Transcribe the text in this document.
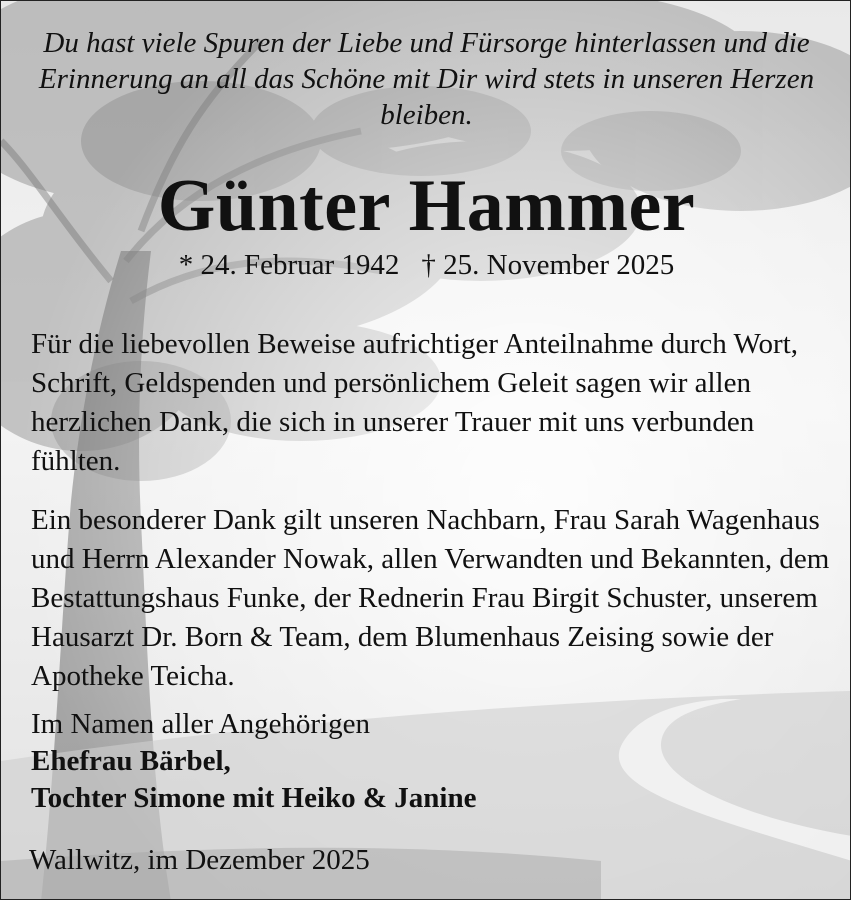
Du hast viele Spuren der Liebe und Fürsorge hinterlassen und die Erinnerung an all das Schöne mit Dir wird stets in unseren Herzen bleiben.

Günter Hammer

* 24. Februar 1942 † 25. November 2025

Für die liebevollen Beweise aufrichtiger Anteilnahme durch Wort, Schrift, Geldspenden und persönlichem Geleit sagen wir allen herzlichen Dank, die sich in unserer Trauer mit uns verbunden fühlten.

Ein besonderer Dank gilt unseren Nachbarn, Frau Sarah Wagenhaus und Herrn Alexander Nowak, allen Verwandten und Bekannten, dem Bestattungshaus Funke, der Rednerin Frau Birgit Schuster, unserem Hausarzt Dr. Born & Team, dem Blumenhaus Zeising sowie der Apotheke Teicha.

Im Namen aller Angehörigen
Ehefrau Bärbel,
Tochter Simone mit Heiko & Janine

Wallwitz, im Dezember 2025
